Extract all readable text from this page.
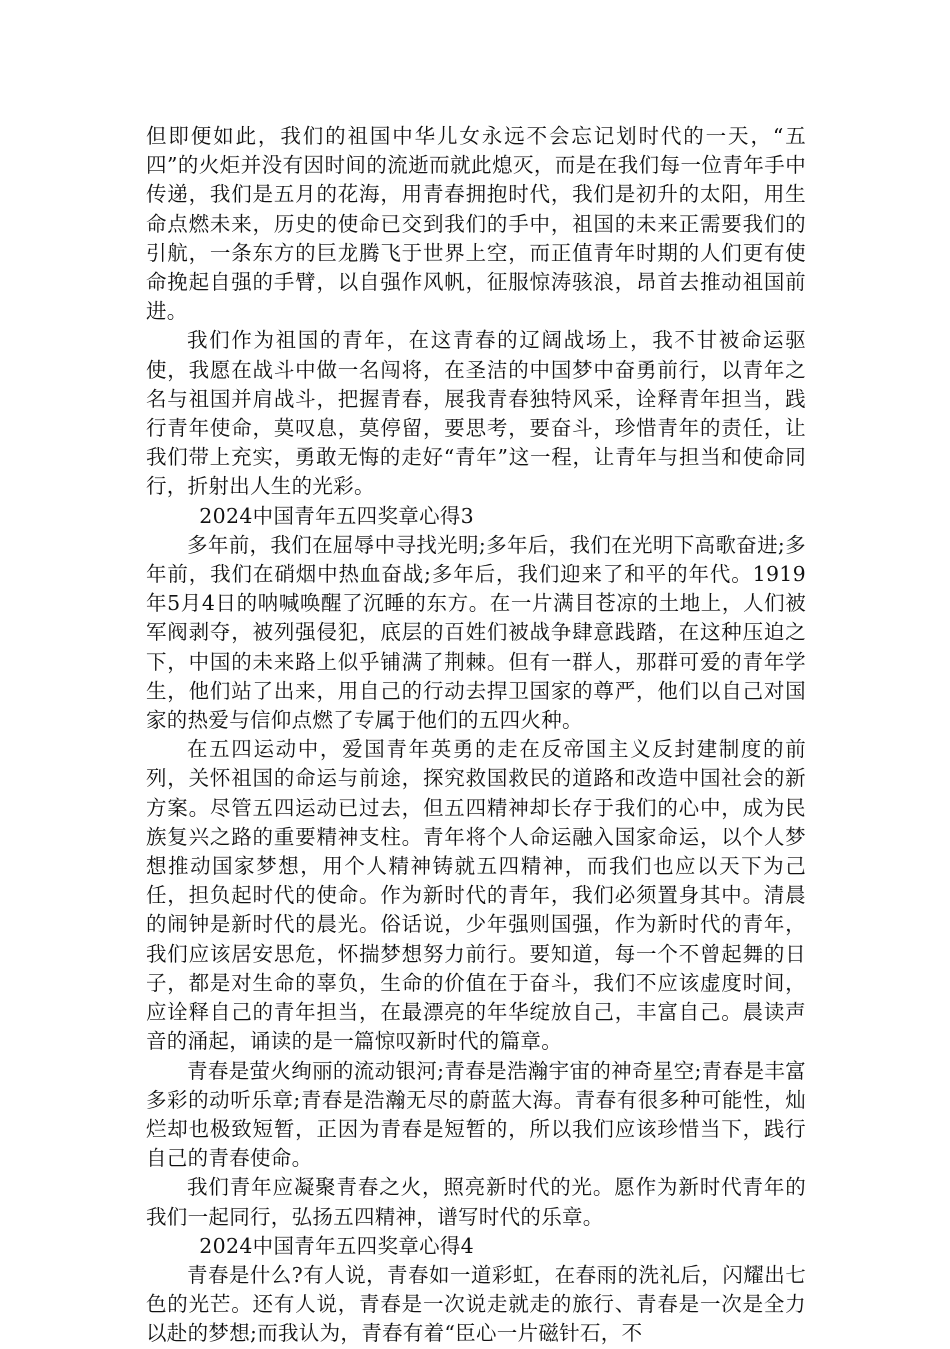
但即便如此，我们的祖国中华儿女永远不会忘记划时代的一天，“五四”的火炬并没有因时间的流逝而就此熄灭，而是在我们每一位青年手中传递，我们是五月的花海，用青春拥抱时代，我们是初升的太阳，用生命点燃未来，历史的使命已交到我们的手中，祖国的未来正需要我们的引航，一条东方的巨龙腾飞于世界上空，而正值青年时期的人们更有使命挽起自强的手臂，以自强作风帆，征服惊涛骇浪，昂首去推动祖国前进。

我们作为祖国的青年，在这青春的辽阔战场上，我不甘被命运驱使，我愿在战斗中做一名闯将，在圣洁的中国梦中奋勇前行，以青年之名与祖国并肩战斗，把握青春，展我青春独特风采，诠释青年担当，践行青年使命，莫叹息，莫停留，要思考，要奋斗，珍惜青年的责任，让我们带上充实，勇敢无悔的走好“青年”这一程，让青年与担当和使命同行，折射出人生的光彩。

2024中国青年五四奖章心得3

多年前，我们在屈辱中寻找光明;多年后，我们在光明下高歌奋进;多年前，我们在硝烟中热血奋战;多年后，我们迎来了和平的年代。1919年5月4日的呐喊唤醒了沉睡的东方。在一片满目苍凉的土地上，人们被军阀剥夺，被列强侵犯，底层的百姓们被战争肆意践踏，在这种压迫之下，中国的未来路上似乎铺满了荆棘。但有一群人，那群可爱的青年学生，他们站了出来，用自己的行动去捍卫国家的尊严，他们以自己对国家的热爱与信仰点燃了专属于他们的五四火种。

在五四运动中，爱国青年英勇的走在反帝国主义反封建制度的前列，关怀祖国的命运与前途，探究救国救民的道路和改造中国社会的新方案。尽管五四运动已过去，但五四精神却长存于我们的心中，成为民族复兴之路的重要精神支柱。青年将个人命运融入国家命运，以个人梦想推动国家梦想，用个人精神铸就五四精神，而我们也应以天下为己任，担负起时代的使命。作为新时代的青年，我们必须置身其中。清晨的闹钟是新时代的晨光。俗话说，少年强则国强，作为新时代的青年，我们应该居安思危，怀揣梦想努力前行。要知道，每一个不曾起舞的日子，都是对生命的辜负，生命的价值在于奋斗，我们不应该虚度时间，应诠释自己的青年担当，在最漂亮的年华绽放自己，丰富自己。晨读声音的涌起，诵读的是一篇惊叹新时代的篇章。

青春是萤火绚丽的流动银河;青春是浩瀚宇宙的神奇星空;青春是丰富多彩的动听乐章;青春是浩瀚无尽的蔚蓝大海。青春有很多种可能性，灿烂却也极致短暂，正因为青春是短暂的，所以我们应该珍惜当下，践行自己的青春使命。

我们青年应凝聚青春之火，照亮新时代的光。愿作为新时代青年的我们一起同行，弘扬五四精神，谱写时代的乐章。

2024中国青年五四奖章心得4

青春是什么?有人说，青春如一道彩虹，在春雨的洗礼后，闪耀出七色的光芒。还有人说，青春是一次说走就走的旅行、青春是一次是全力以赴的梦想;而我认为，青春有着“臣心一片磁针石，不
